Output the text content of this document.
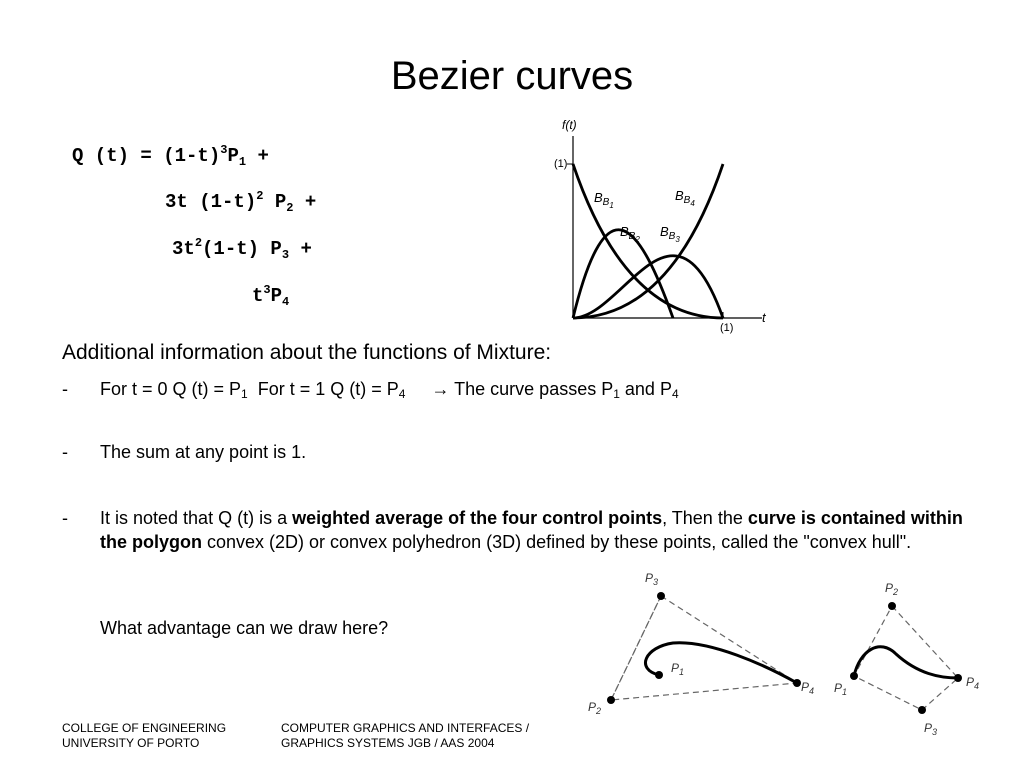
Bezier curves
Q $(t) = (1-t)^3P_1$ +
3t $(1-t)^2$ $P_2$ +
$3t^2(1-t) P_3$ +
$t^3P_4$
f(t)
t
(1)
(1)
$B_{B1}$
$B_{B2}$
$B_{B3}$
$B_{B4}$
Additional information about the functions of Mixture:
- For t = 0 Q $(t) = P_1$  For t = 1 Q $(t) = P_4$ → The curve passes $P_1$ and $P_4$
- The sum at any point is 1.
- It is noted that Q (t) is a weighted average of the four control points, Then the curve is contained within the polygon convex (2D) or convex polyhedron (3D) defined by these points, called the "convex hull".
What advantage can we draw here?
$P_3$
$P_1$
$P_4$
$P_2$
$P_2$
$P_1$
$P_4$
$P_3$
COLLEGE OF ENGINEERING
UNIVERSITY OF PORTO
COMPUTER GRAPHICS AND INTERFACES /
GRAPHICS SYSTEMS JGB / AAS 2004
